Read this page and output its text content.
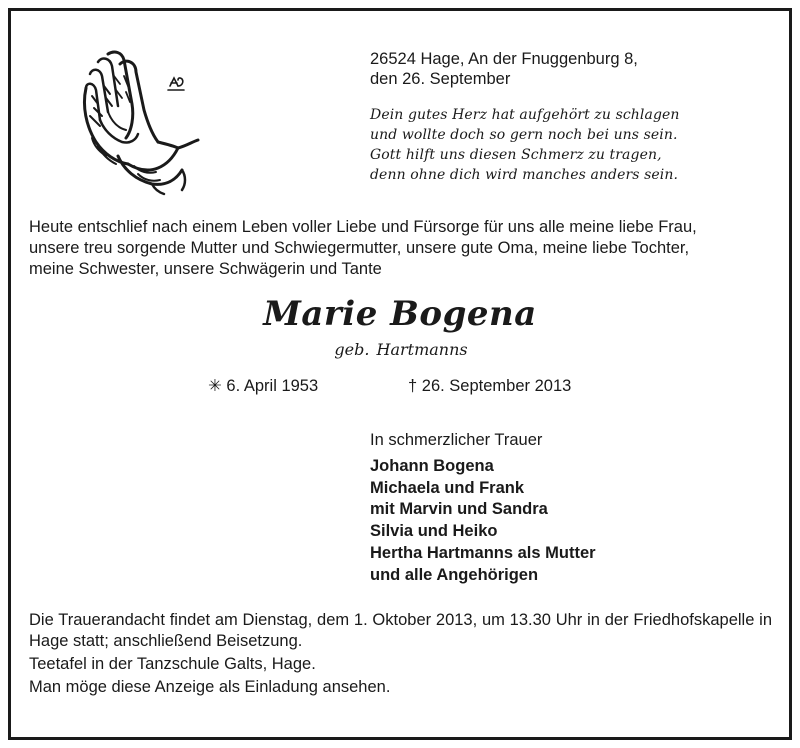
26524 Hage, An der Fnuggenburg 8,
den 26. September
Dein gutes Herz hat aufgehört zu schlagen
und wollte doch so gern noch bei uns sein.
Gott hilft uns diesen Schmerz zu tragen,
denn ohne dich wird manches anders sein.
Heute entschlief nach einem Leben voller Liebe und Fürsorge für uns alle meine liebe Frau,
unsere treu sorgende Mutter und Schwiegermutter, unsere gute Oma, meine liebe Tochter,
meine Schwester, unsere Schwägerin und Tante
Marie Bogena
geb. Hartmanns
✳ 6. April 1953	† 26. September 2013
In schmerzlicher Trauer
Johann Bogena
Michaela und Frank
mit Marvin und Sandra
Silvia und Heiko
Hertha Hartmanns als Mutter
und alle Angehörigen
Die Trauerandacht findet am Dienstag, dem 1. Oktober 2013, um 13.30 Uhr in der Friedhofskapelle in Hage statt; anschließend Beisetzung.
Teetafel in der Tanzschule Galts, Hage.
Man möge diese Anzeige als Einladung ansehen.
